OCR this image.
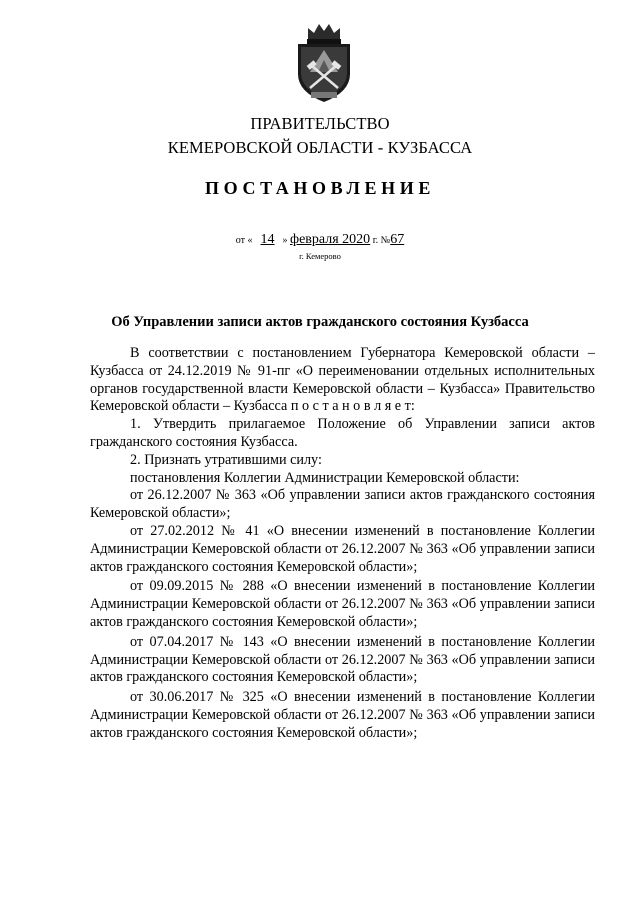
ПРАВИТЕЛЬСТВО
КЕМЕРОВСКОЙ ОБЛАСТИ - КУЗБАССА
ПОСТАНОВЛЕНИЕ
от « 14 » февраля 2020 г. №67
г. Кемерово
Об Управлении записи актов гражданского состояния Кузбасса
В соответствии с постановлением Губернатора Кемеровской области – Кузбасса от 24.12.2019 № 91-пг «О переименовании отдельных исполнительных органов государственной власти Кемеровской области – Кузбасса» Правительство Кемеровской области – Кузбасса п о с т а н о в л я е т:
1. Утвердить прилагаемое Положение об Управлении записи актов гражданского состояния Кузбасса.
2. Признать утратившими силу:
постановления Коллегии Администрации Кемеровской области:
от 26.12.2007 № 363 «Об управлении записи актов гражданского состояния Кемеровской области»;
от 27.02.2012 № 41 «О внесении изменений в постановление Коллегии Администрации Кемеровской области от 26.12.2007 № 363 «Об управлении записи актов гражданского состояния Кемеровской области»;
от 09.09.2015 № 288 «О внесении изменений в постановление Коллегии Администрации Кемеровской области от 26.12.2007 № 363 «Об управлении записи актов гражданского состояния Кемеровской области»;
от 07.04.2017 № 143 «О внесении изменений в постановление Коллегии Администрации Кемеровской области от 26.12.2007 № 363 «Об управлении записи актов гражданского состояния Кемеровской области»;
от 30.06.2017 № 325 «О внесении изменений в постановление Коллегии Администрации Кемеровской области от 26.12.2007 № 363 «Об управлении записи актов гражданского состояния Кемеровской области»;
